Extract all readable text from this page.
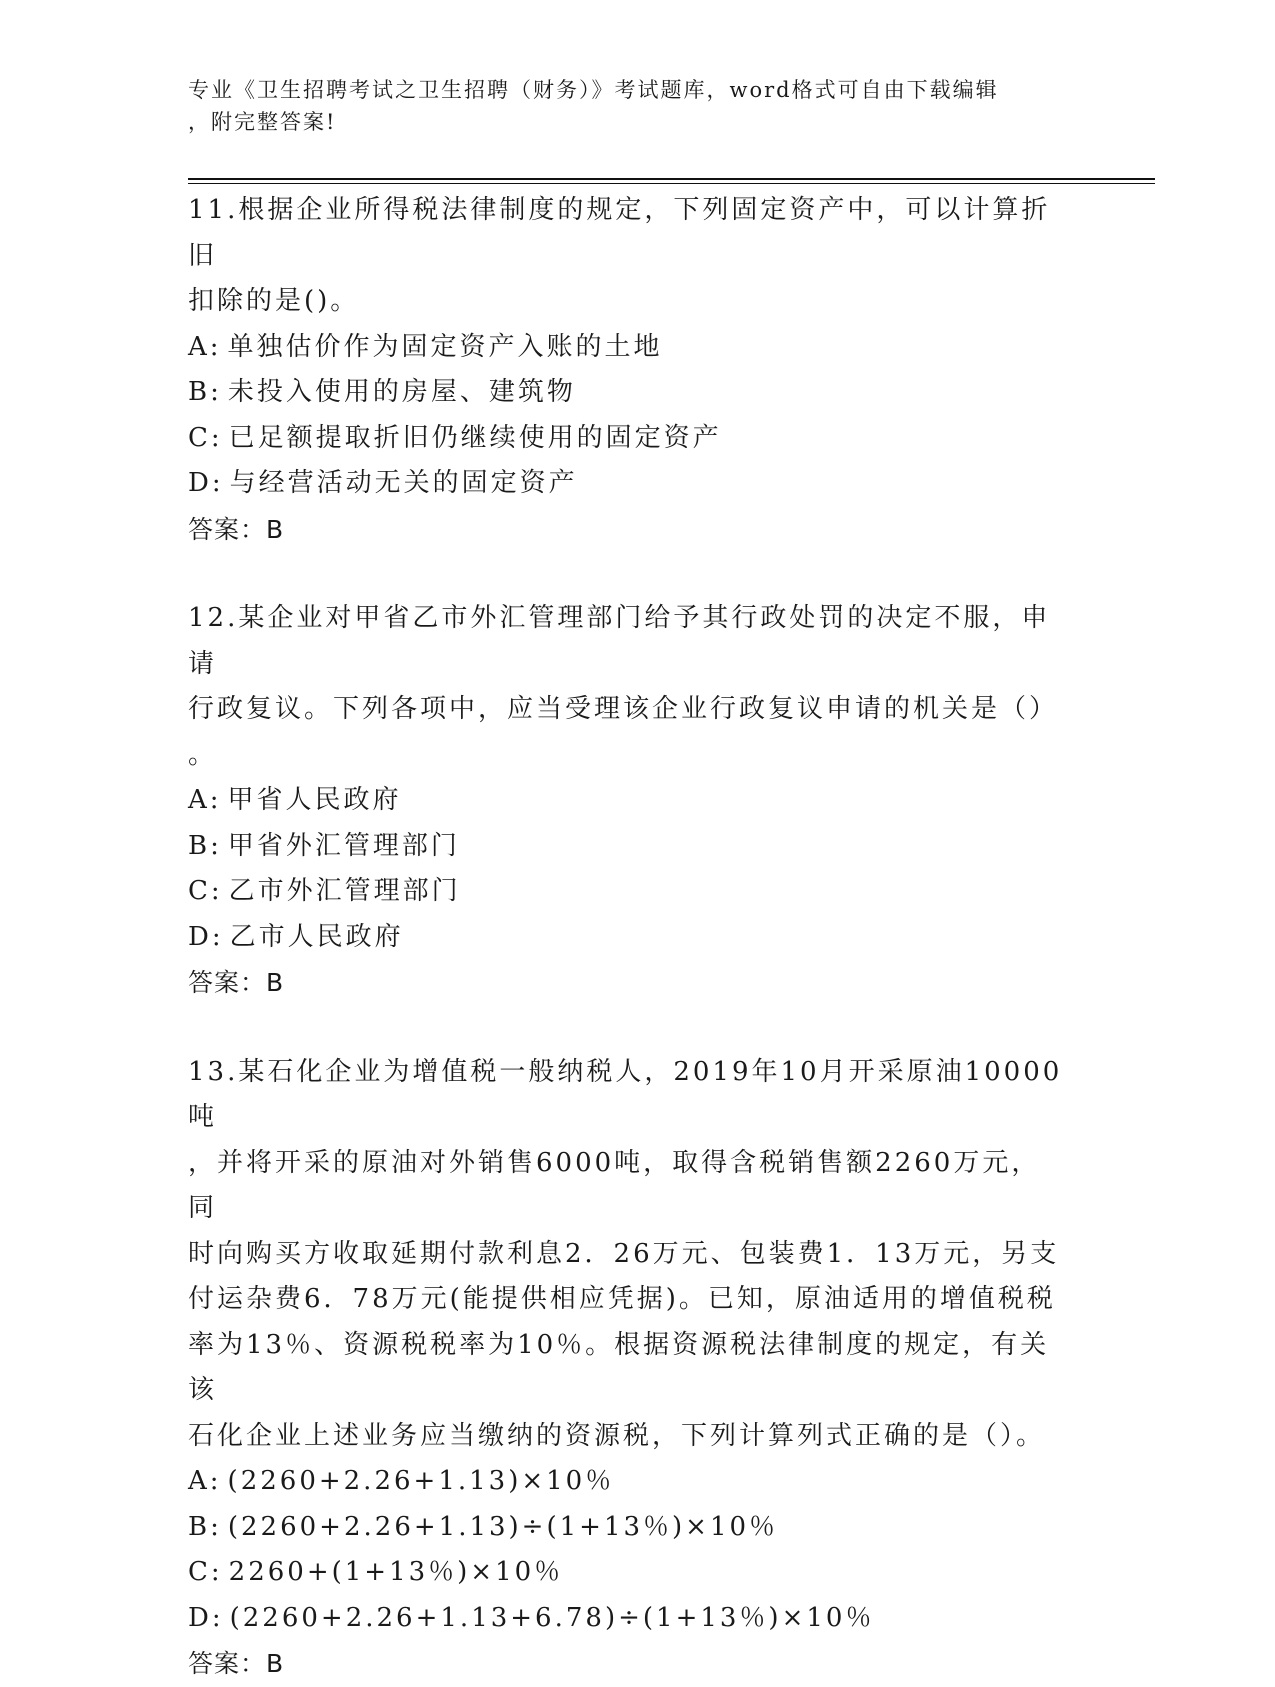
专业《卫生招聘考试之卫生招聘（财务）》考试题库，word格式可自由下载编辑
，附完整答案!

11.根据企业所得税法律制度的规定，下列固定资产中，可以计算折旧

扣除的是()。

A: 单独估价作为固定资产入账的土地

B: 未投入使用的房屋、建筑物

C: 已足额提取折旧仍继续使用的固定资产

D: 与经营活动无关的固定资产

答案：B

12.某企业对甲省乙市外汇管理部门给予其行政处罚的决定不服，申请

行政复议。下列各项中，应当受理该企业行政复议申请的机关是（）

。

A: 甲省人民政府

B: 甲省外汇管理部门

C: 乙市外汇管理部门

D: 乙市人民政府

答案：B

13.某石化企业为增值税一般纳税人，2019年10月开采原油10000吨

，并将开采的原油对外销售6000吨，取得含税销售额2260万元，同

时向购买方收取延期付款利息2．26万元、包装费1．13万元，另支

付运杂费6．78万元(能提供相应凭据)。已知，原油适用的增值税税

率为13％、资源税税率为10％。根据资源税法律制度的规定，有关该

石化企业上述业务应当缴纳的资源税，下列计算列式正确的是（）。

A: (2260+2.26+1.13)×10％

B: (2260+2.26+1.13)÷(1+13％)×10％

C: 2260+(1+13％)×10％

D: (2260+2.26+1.13+6.78)÷(1+13％)×10％

答案：B
